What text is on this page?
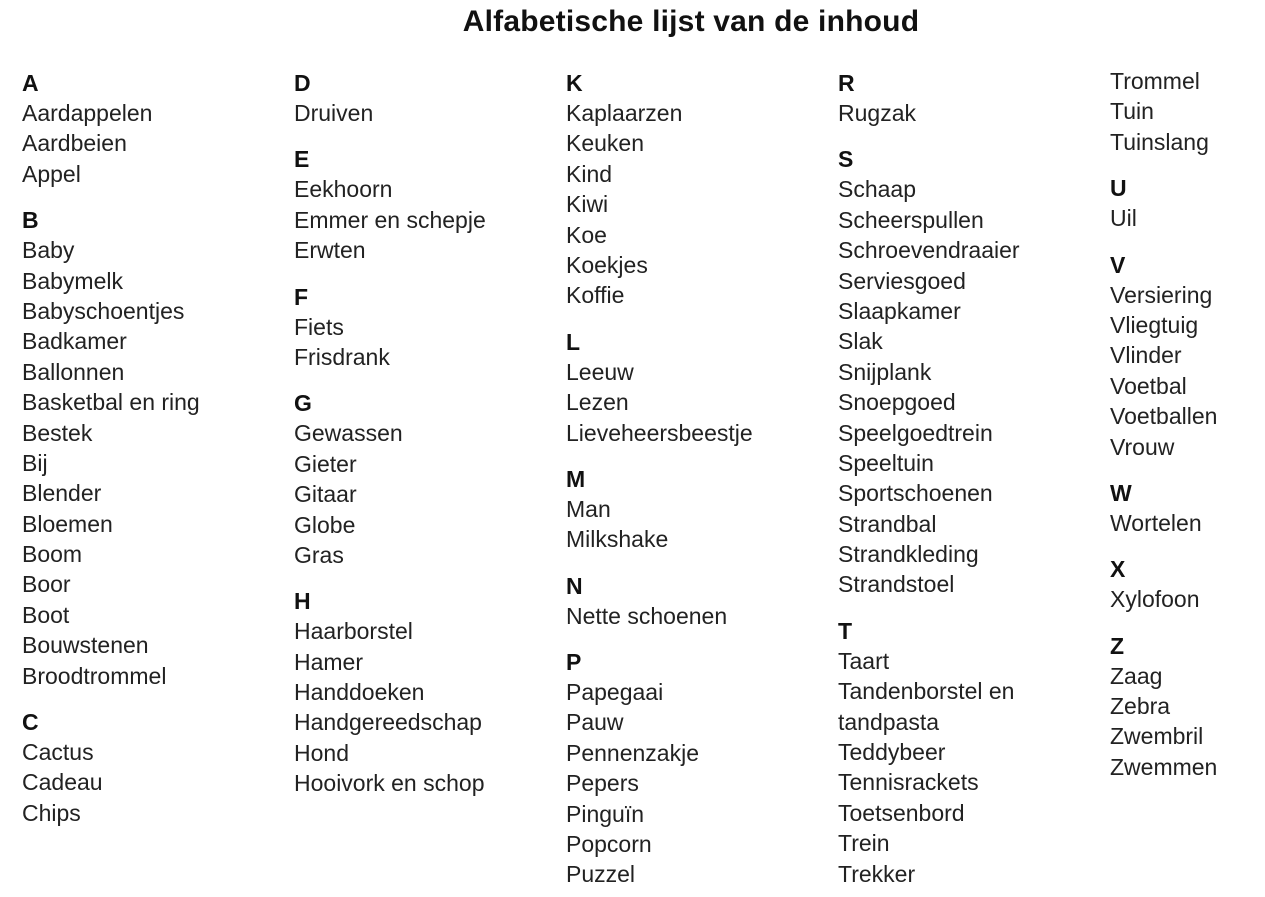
Alfabetische lijst van de inhoud
A
Aardappelen
Aardbeien
Appel
B
Baby
Babymelk
Babyschoentjes
Badkamer
Ballonnen
Basketbal en ring
Bestek
Bij
Blender
Bloemen
Boom
Boor
Boot
Bouwstenen
Broodtrommel
C
Cactus
Cadeau
Chips
D
Druiven
E
Eekhoorn
Emmer en schepje
Erwten
F
Fiets
Frisdrank
G
Gewassen
Gieter
Gitaar
Globe
Gras
H
Haarborstel
Hamer
Handdoeken
Handgereedschap
Hond
Hooivork en schop
K
Kaplaarzen
Keuken
Kind
Kiwi
Koe
Koekjes
Koffie
L
Leeuw
Lezen
Lieveheersbeestje
M
Man
Milkshake
N
Nette schoenen
P
Papegaai
Pauw
Pennenzakje
Pepers
Pinguïn
Popcorn
Puzzel
R
Rugzak
S
Schaap
Scheerspullen
Schroevendraaier
Serviesgoed
Slaapkamer
Slak
Snijplank
Snoepgoed
Speelgoedtrein
Speeltuin
Sportschoenen
Strandbal
Strandkleding
Strandstoel
T
Taart
Tandenborstel en
tandpasta
Teddybeer
Tennisrackets
Toetsenbord
Trein
Trekker
Trommel
Tuin
Tuinslang
U
Uil
V
Versiering
Vliegtuig
Vlinder
Voetbal
Voetballen
Vrouw
W
Wortelen
X
Xylofoon
Z
Zaag
Zebra
Zwembril
Zwemmen
